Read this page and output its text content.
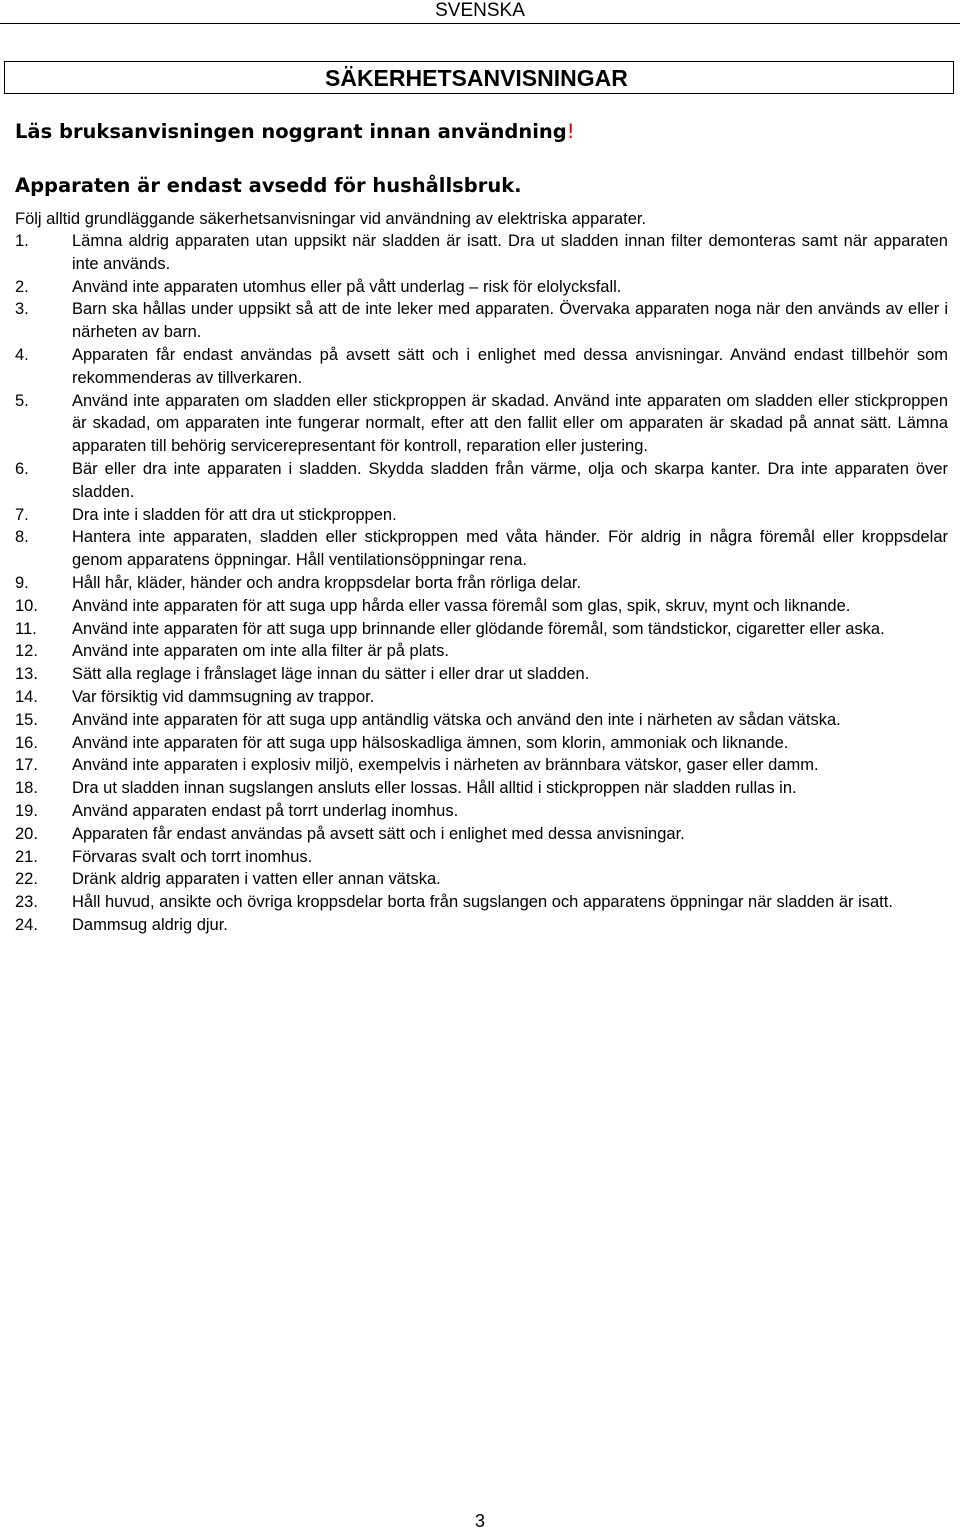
SVENSKA
SÄKERHETSANVISNINGAR
Läs bruksanvisningen noggrant innan användning!
Apparaten är endast avsedd för hushållsbruk.
Följ alltid grundläggande säkerhetsanvisningar vid användning av elektriska apparater.
1.	Lämna aldrig apparaten utan uppsikt när sladden är isatt. Dra ut sladden innan filter demonteras samt när apparaten inte används.
2.	Använd inte apparaten utomhus eller på vått underlag – risk för elolycksfall.
3.	Barn ska hållas under uppsikt så att de inte leker med apparaten. Övervaka apparaten noga när den används av eller i närheten av barn.
4.	Apparaten får endast användas på avsett sätt och i enlighet med dessa anvisningar. Använd endast tillbehör som rekommenderas av tillverkaren.
5.	Använd inte apparaten om sladden eller stickproppen är skadad. Använd inte apparaten om sladden eller stickproppen är skadad, om apparaten inte fungerar normalt, efter att den fallit eller om apparaten är skadad på annat sätt. Lämna apparaten till behörig servicerepresentant för kontroll, reparation eller justering.
6.	Bär eller dra inte apparaten i sladden. Skydda sladden från värme, olja och skarpa kanter. Dra inte apparaten över sladden.
7.	Dra inte i sladden för att dra ut stickproppen.
8.	Hantera inte apparaten, sladden eller stickproppen med våta händer. För aldrig in några föremål eller kroppsdelar genom apparatens öppningar. Håll ventilationsöppningar rena.
9.	Håll hår, kläder, händer och andra kroppsdelar borta från rörliga delar.
10. Använd inte apparaten för att suga upp hårda eller vassa föremål som glas, spik, skruv, mynt och liknande.
11. Använd inte apparaten för att suga upp brinnande eller glödande föremål, som tändstickor, cigaretter eller aska.
12. Använd inte apparaten om inte alla filter är på plats.
13. Sätt alla reglage i frånslaget läge innan du sätter i eller drar ut sladden.
14. Var försiktig vid dammsugning av trappor.
15. Använd inte apparaten för att suga upp antändlig vätska och använd den inte i närheten av sådan vätska.
16. Använd inte apparaten för att suga upp hälsoskadliga ämnen, som klorin, ammoniak och liknande.
17. Använd inte apparaten i explosiv miljö, exempelvis i närheten av brännbara vätskor, gaser eller damm.
18. Dra ut sladden innan sugslangen ansluts eller lossas. Håll alltid i stickproppen när sladden rullas in.
19. Använd apparaten endast på torrt underlag inomhus.
20. Apparaten får endast användas på avsett sätt och i enlighet med dessa anvisningar.
21. Förvaras svalt och torrt inomhus.
22. Dränk aldrig apparaten i vatten eller annan vätska.
23. Håll huvud, ansikte och övriga kroppsdelar borta från sugslangen och apparatens öppningar när sladden är isatt.
24. Dammsug aldrig djur.
3
